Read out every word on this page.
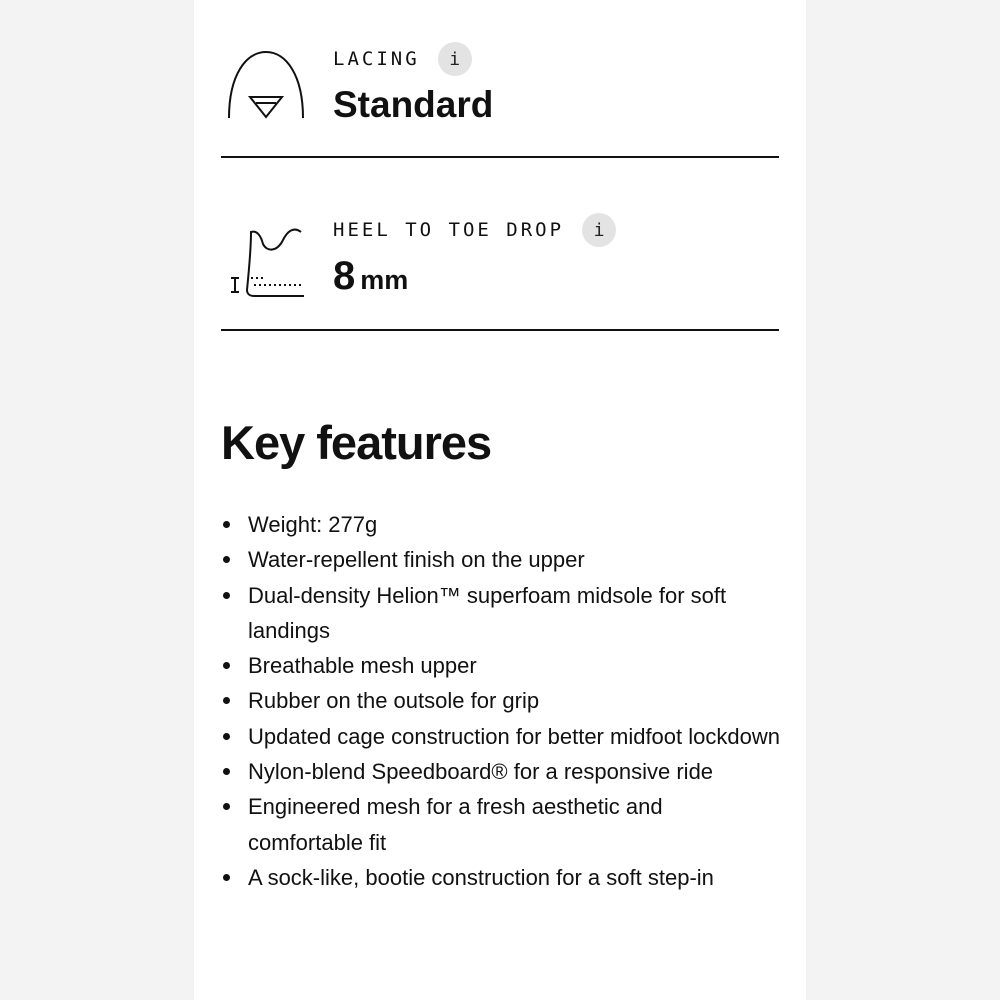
LACING	i
Standard
HEEL TO TOE DROP	i
8 mm
Key features
Weight: 277g
Water-repellent finish on the upper
Dual-density Helion™ superfoam midsole for soft landings
Breathable mesh upper
Rubber on the outsole for grip
Updated cage construction for better midfoot lockdown
Nylon-blend Speedboard® for a responsive ride
Engineered mesh for a fresh aesthetic and comfortable fit
A sock-like, bootie construction for a soft step-in
